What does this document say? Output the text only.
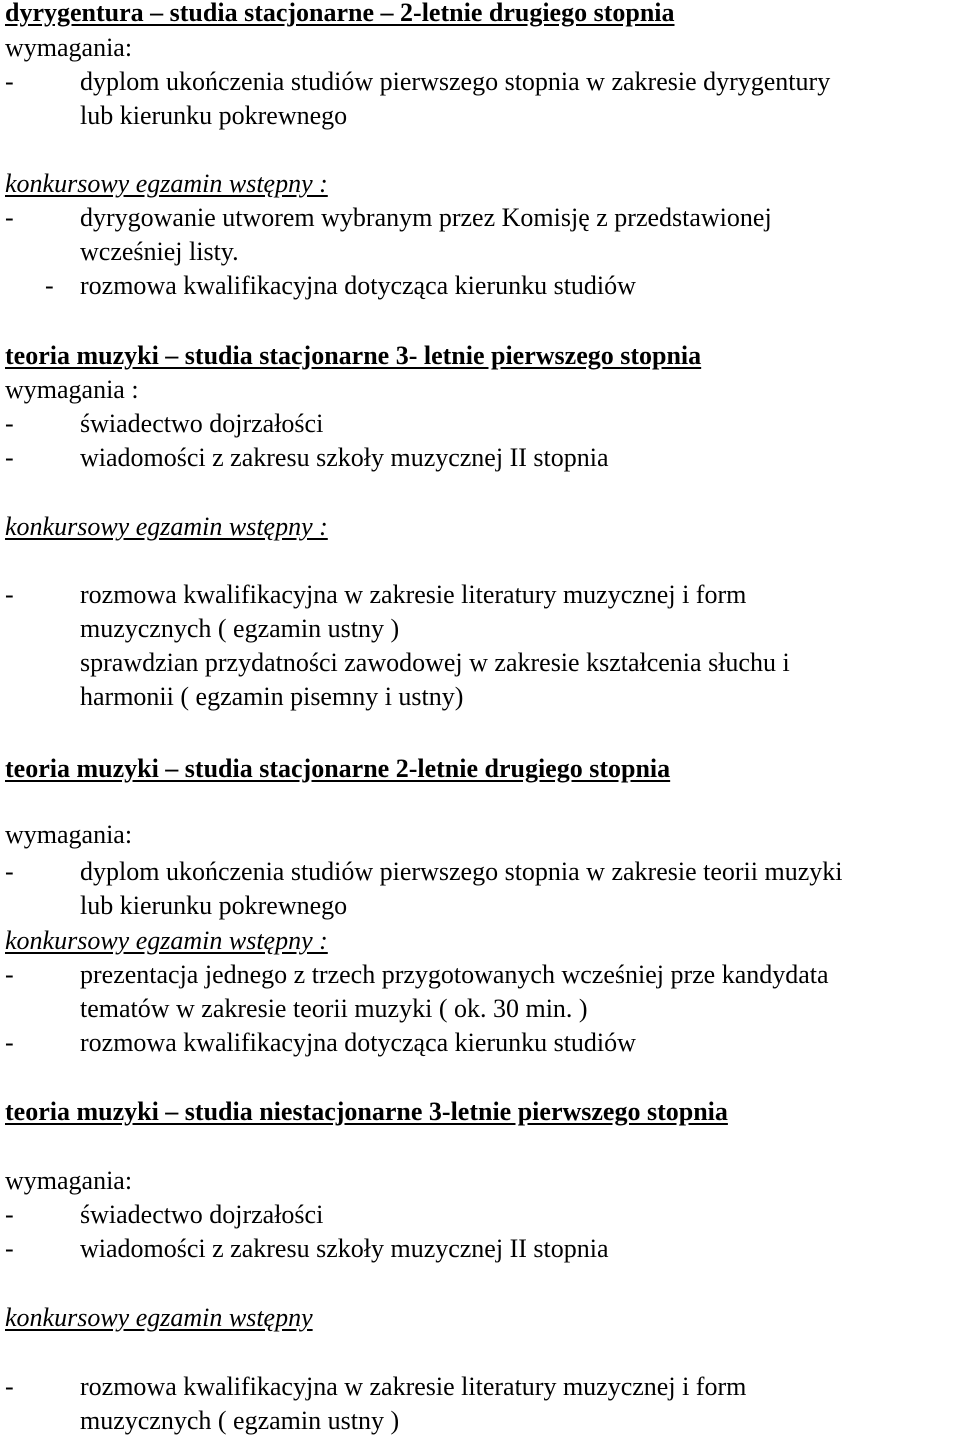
dyrygentura – studia stacjonarne – 2-letnie drugiego stopnia
wymagania:
-	dyplom ukończenia studiów pierwszego stopnia w zakresie dyrygentury
lub kierunku pokrewnego
konkursowy egzamin wstępny :
-	dyrygowanie utworem wybranym przez Komisję z przedstawionej
wcześniej listy.
- rozmowa kwalifikacyjna dotycząca kierunku studiów
teoria muzyki – studia stacjonarne 3- letnie pierwszego stopnia
wymagania :
-	świadectwo dojrzałości
-	wiadomości z zakresu szkoły muzycznej II stopnia
konkursowy egzamin wstępny :
-	rozmowa kwalifikacyjna w zakresie literatury muzycznej i form
muzycznych ( egzamin ustny )
sprawdzian przydatności zawodowej w zakresie kształcenia słuchu i
harmonii ( egzamin pisemny i ustny)
teoria muzyki – studia stacjonarne 2-letnie drugiego stopnia
wymagania:
-	dyplom ukończenia studiów pierwszego stopnia w zakresie teorii muzyki
lub kierunku pokrewnego
konkursowy egzamin wstępny :
-	prezentacja jednego z trzech przygotowanych wcześniej prze kandydata
tematów w zakresie teorii muzyki ( ok. 30 min. )
-	rozmowa kwalifikacyjna dotycząca kierunku studiów
teoria muzyki – studia niestacjonarne 3-letnie pierwszego stopnia
wymagania:
-	świadectwo dojrzałości
-	wiadomości z zakresu szkoły muzycznej II stopnia
konkursowy egzamin wstępny
-	rozmowa kwalifikacyjna w zakresie literatury muzycznej i form
muzycznych ( egzamin ustny )
